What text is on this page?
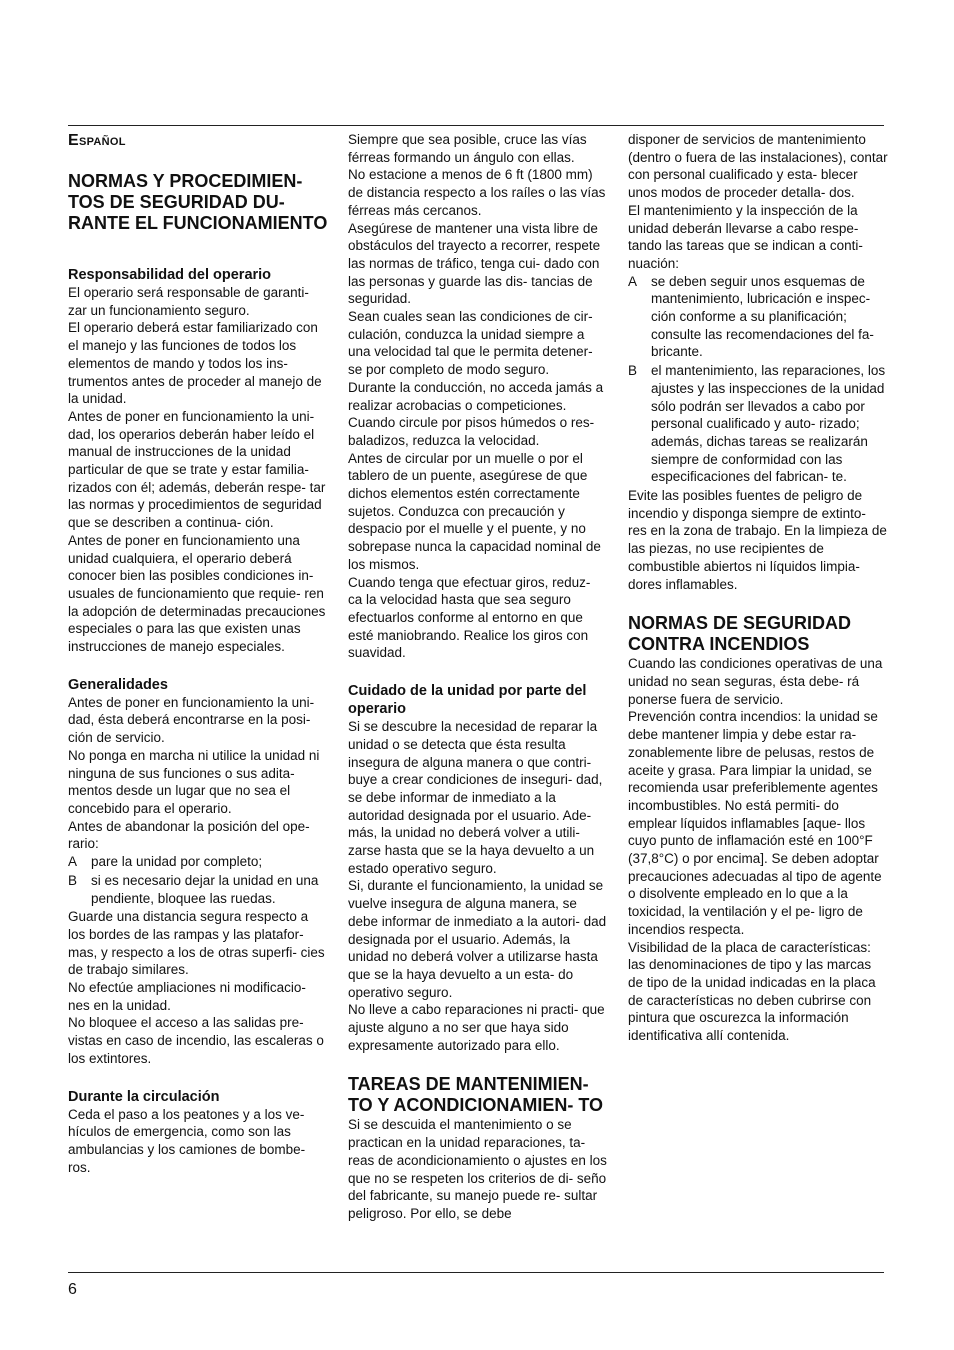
Español
NORMAS Y PROCEDIMIEN- TOS DE SEGURIDAD DU- RANTE EL FUNCIONAMIENTO
Responsabilidad del operario

El operario será responsable de garanti- zar un funcionamiento seguro.

El operario deberá estar familiarizado con el manejo y las funciones de todos los elementos de mando y todos los ins- trumentos antes de proceder al manejo de la unidad.

Antes de poner en funcionamiento la uni- dad, los operarios deberán haber leído el manual de instrucciones de la unidad particular de que se trate y estar familia- rizados con él; además, deberán respe- tar las normas y procedimientos de seguridad que se describen a continua- ción.

Antes de poner en funcionamiento una unidad cualquiera, el operario deberá conocer bien las posibles condiciones in- usuales de funcionamiento que requie- ren la adopción de determinadas precauciones especiales o para las que existen unas instrucciones de manejo especiales.

Generalidades

Antes de poner en funcionamiento la uni- dad, ésta deberá encontrarse en la posi- ción de servicio.

No ponga en marcha ni utilice la unidad ni ninguna de sus funciones o sus adita- mentos desde un lugar que no sea el concebido para el operario.

Antes de abandonar la posición del ope- rario:

A	pare la unidad por completo;
B	si es necesario dejar la unidad en una pendiente, bloquee las ruedas.

Guarde una distancia segura respecto a los bordes de las rampas y las platafor- mas, y respecto a los de otras superfi- cies de trabajo similares.

No efectúe ampliaciones ni modificacio- nes en la unidad.

No bloquee el acceso a las salidas pre- vistas en caso de incendio, las escaleras o los extintores.

Durante la circulación

Ceda el paso a los peatones y a los ve- hículos de emergencia, como son las ambulancias y los camiones de bombe- ros.

Siempre que sea posible, cruce las vías férreas formando un ángulo con ellas.

No estacione a menos de 6 ft (1800 mm) de distancia respecto a los raíles o las vías férreas más cercanos.

Asegúrese de mantener una vista libre de obstáculos del trayecto a recorrer, respete las normas de tráfico, tenga cui- dado con las personas y guarde las dis- tancias de seguridad.

Sean cuales sean las condiciones de cir- culación, conduzca la unidad siempre a una velocidad tal que le permita detener- se por completo de modo seguro.

Durante la conducción, no acceda jamás a realizar acrobacias o competiciones.

Cuando circule por pisos húmedos o res- baladizos, reduzca la velocidad.

Antes de circular por un muelle o por el tablero de un puente, asegúrese de que dichos elementos estén correctamente sujetos. Conduzca con precaución y despacio por el muelle y el puente, y no sobrepase nunca la capacidad nominal de los mismos.

Cuando tenga que efectuar giros, reduz- ca la velocidad hasta que sea seguro efectuarlos conforme al entorno en que esté maniobrando. Realice los giros con suavidad.

Cuidado de la unidad por parte del operario

Si se descubre la necesidad de reparar la unidad o se detecta que ésta resulta insegura de alguna manera o que contri- buye a crear condiciones de inseguri- dad, se debe informar de inmediato a la autoridad designada por el usuario. Ade- más, la unidad no deberá volver a utili- zarse hasta que se la haya devuelto a un estado operativo seguro.

Si, durante el funcionamiento, la unidad se vuelve insegura de alguna manera, se debe informar de inmediato a la autori- dad designada por el usuario. Además, la unidad no deberá volver a utilizarse hasta que se la haya devuelto a un esta- do operativo seguro.

No lleve a cabo reparaciones ni practi- que ajuste alguno a no ser que haya sido expresamente autorizado para ello.

TAREAS DE MANTENIMIEN- TO Y ACONDICIONAMIEN- TO

Si se descuida el mantenimiento o se practican en la unidad reparaciones, ta- reas de acondicionamiento o ajustes en los que no se respeten los criterios de di- seño del fabricante, su manejo puede re- sultar peligroso. Por ello, se debe

disponer de servicios de mantenimiento (dentro o fuera de las instalaciones), contar con personal cualificado y esta- blecer unos modos de proceder detalla- dos.

El mantenimiento y la inspección de la unidad deberán llevarse a cabo respe- tando las tareas que se indican a conti- nuación:

A	se deben seguir unos esquemas de mantenimiento, lubricación e inspec- ción conforme a su planificación; consulte las recomendaciones del fa- bricante.
B	el mantenimiento, las reparaciones, los ajustes y las inspecciones de la unidad sólo podrán ser llevados a cabo por personal cualificado y auto- rizado; además, dichas tareas se realizarán siempre de conformidad con las especificaciones del fabrican- te.

Evite las posibles fuentes de peligro de incendio y disponga siempre de extinto- res en la zona de trabajo. En la limpieza de las piezas, no use recipientes de combustible abiertos ni líquidos limpia- dores inflamables.

NORMAS DE SEGURIDAD CONTRA INCENDIOS

Cuando las condiciones operativas de una unidad no sean seguras, ésta debe- rá ponerse fuera de servicio.

Prevención contra incendios: la unidad se debe mantener limpia y debe estar ra- zonablemente libre de pelusas, restos de aceite y grasa. Para limpiar la unidad, se recomienda usar preferiblemente agentes incombustibles. No está permiti- do emplear líquidos inflamables [aque- llos cuyo punto de inflamación esté en 100°F (37,8°C) o por encima]. Se deben adoptar precauciones adecuadas al tipo de agente o disolvente empleado en lo que a la toxicidad, la ventilación y el pe- ligro de incendios respecta.

Visibilidad de la placa de características: las denominaciones de tipo y las marcas de tipo de la unidad indicadas en la placa de características no deben cubrirse con pintura que oscurezca la información identificativa allí contenida.

6
